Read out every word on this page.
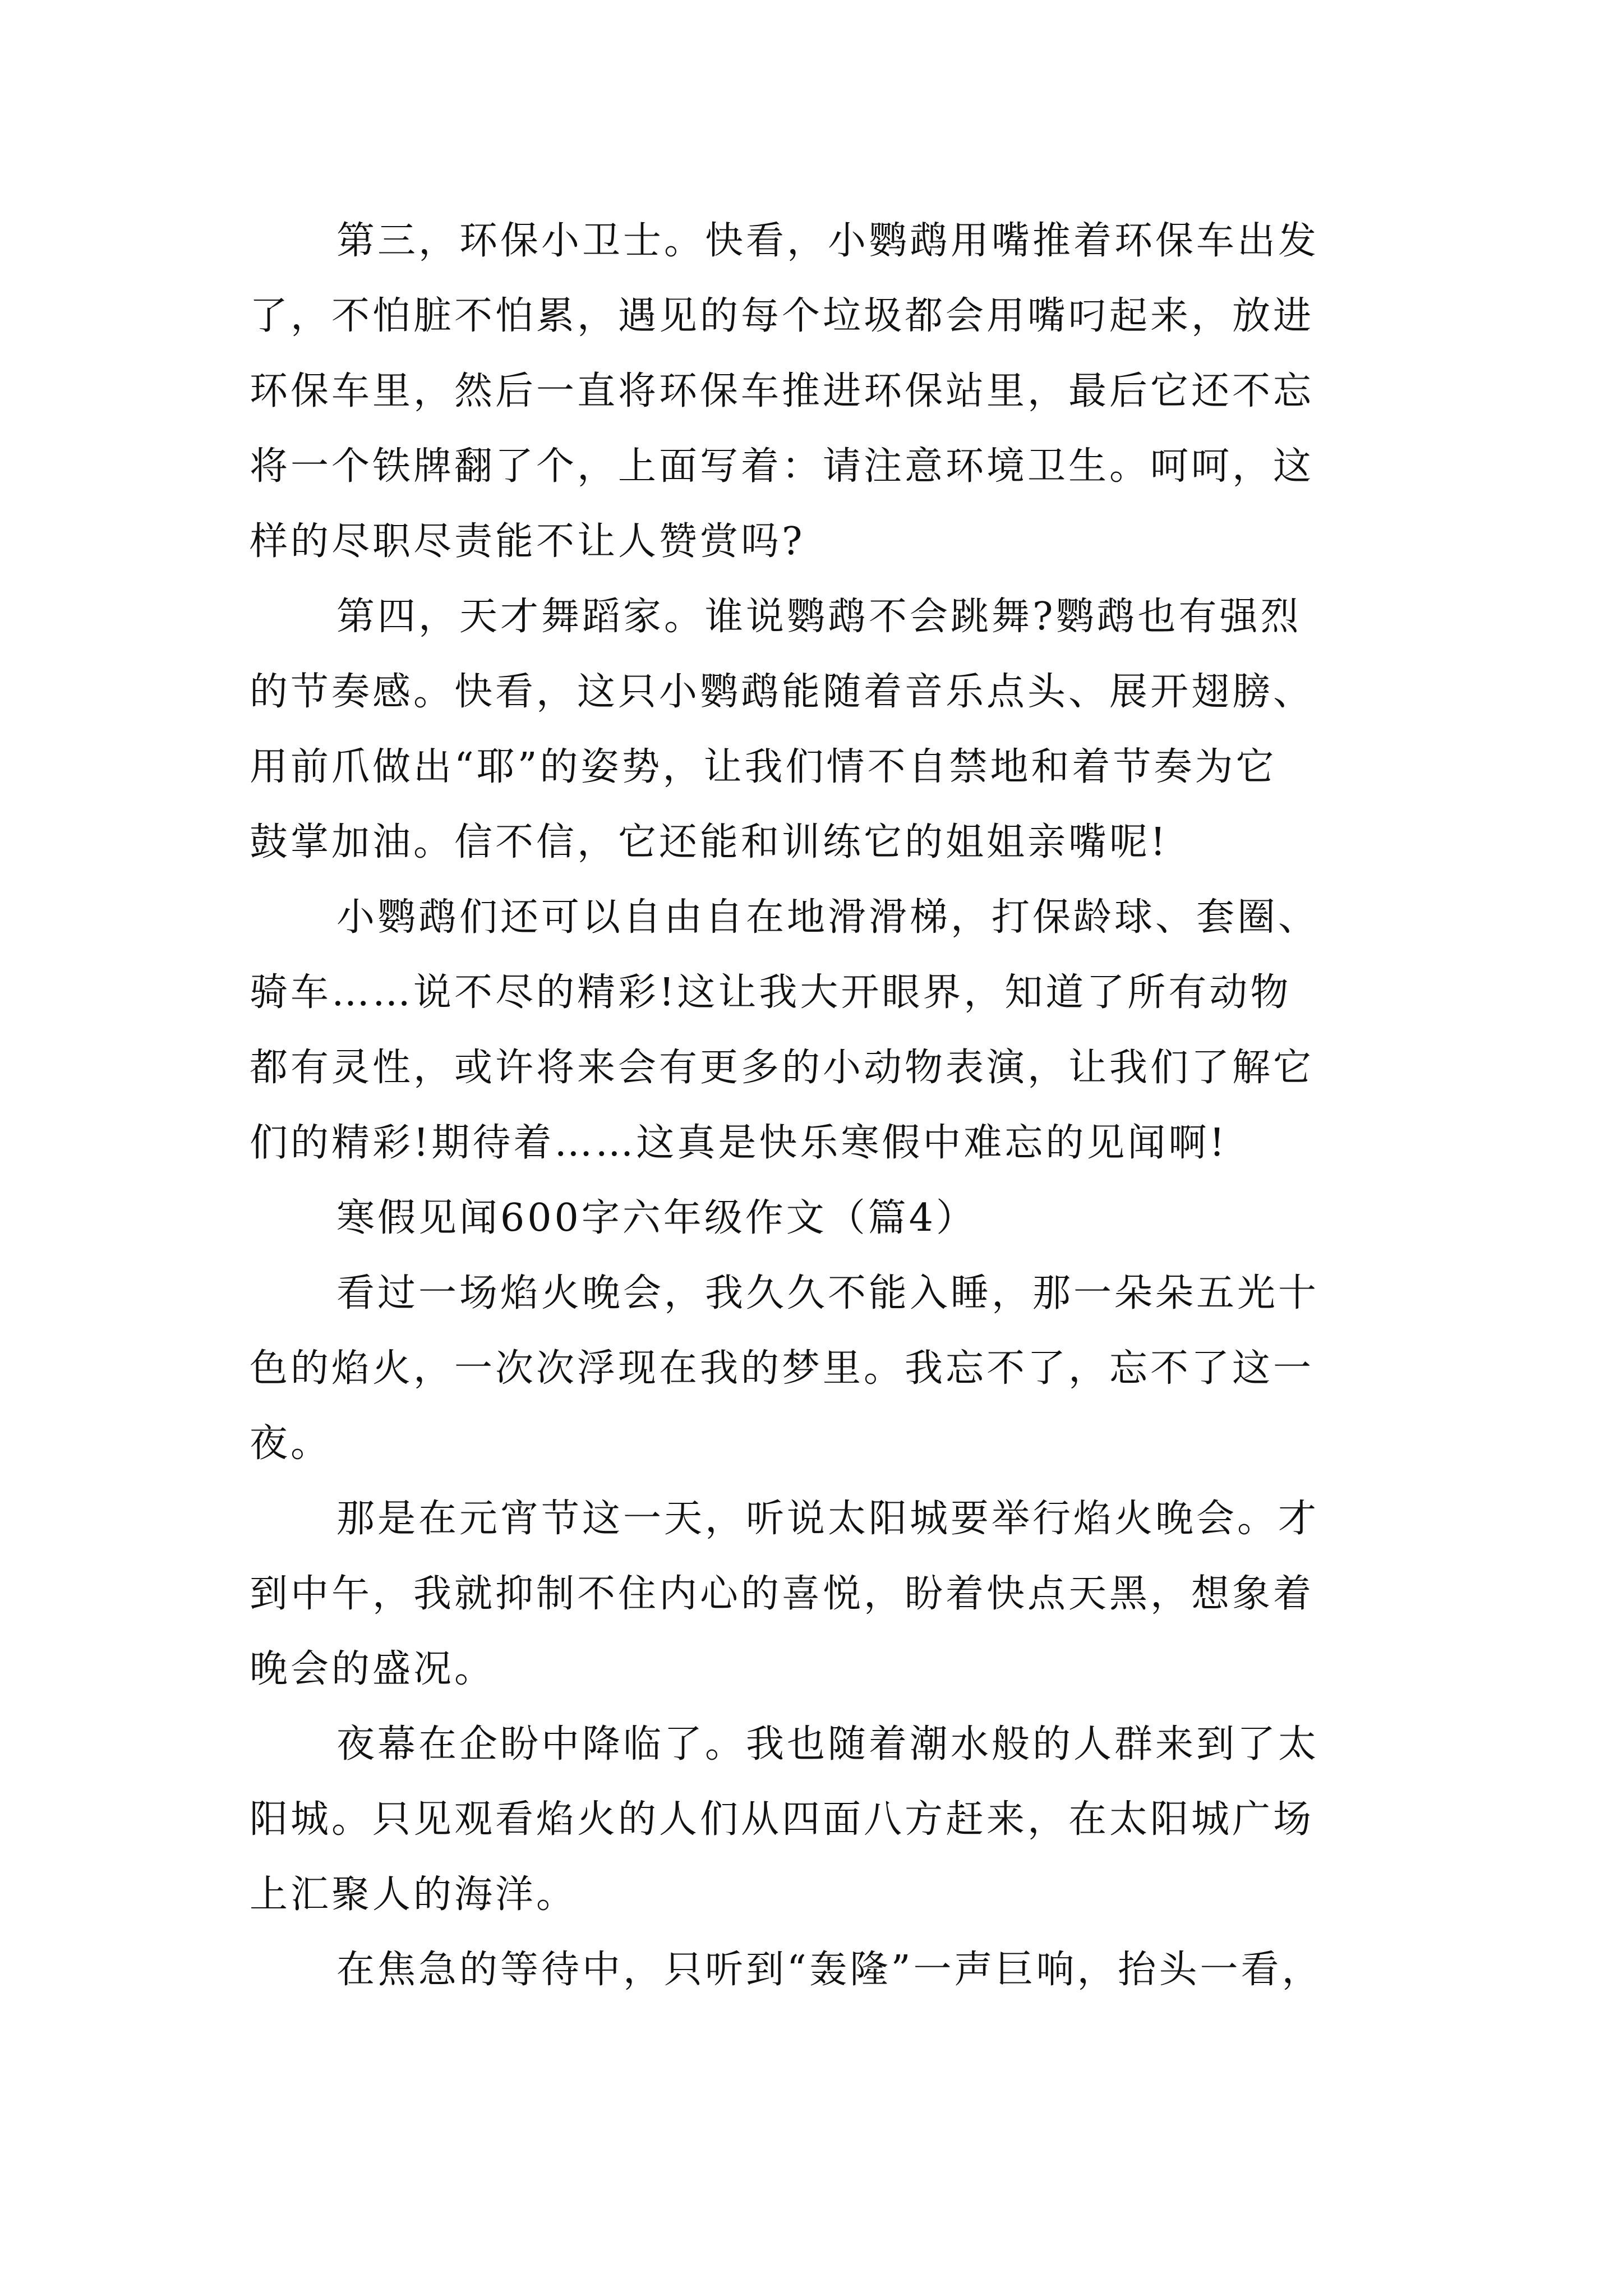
第三，环保小卫士。快看，小鹦鹉用嘴推着环保车出发
了，不怕脏不怕累，遇见的每个垃圾都会用嘴叼起来，放进
环保车里，然后一直将环保车推进环保站里，最后它还不忘
将一个铁牌翻了个，上面写着：请注意环境卫生。呵呵，这
样的尽职尽责能不让人赞赏吗?
第四，天才舞蹈家。谁说鹦鹉不会跳舞?鹦鹉也有强烈
的节奏感。快看，这只小鹦鹉能随着音乐点头、展开翅膀、
用前爪做出“耶”的姿势，让我们情不自禁地和着节奏为它
鼓掌加油。信不信，它还能和训练它的姐姐亲嘴呢!
小鹦鹉们还可以自由自在地滑滑梯，打保龄球、套圈、
骑车……说不尽的精彩!这让我大开眼界，知道了所有动物
都有灵性，或许将来会有更多的小动物表演，让我们了解它
们的精彩!期待着……这真是快乐寒假中难忘的见闻啊!
寒假见闻600字六年级作文（篇4）
看过一场焰火晚会，我久久不能入睡，那一朵朵五光十
色的焰火，一次次浮现在我的梦里。我忘不了，忘不了这一
夜。
那是在元宵节这一天，听说太阳城要举行焰火晚会。才
到中午，我就抑制不住内心的喜悦，盼着快点天黑，想象着
晚会的盛况。
夜幕在企盼中降临了。我也随着潮水般的人群来到了太
阳城。只见观看焰火的人们从四面八方赶来，在太阳城广场
上汇聚人的海洋。
在焦急的等待中，只听到“轰隆”一声巨响，抬头一看，
